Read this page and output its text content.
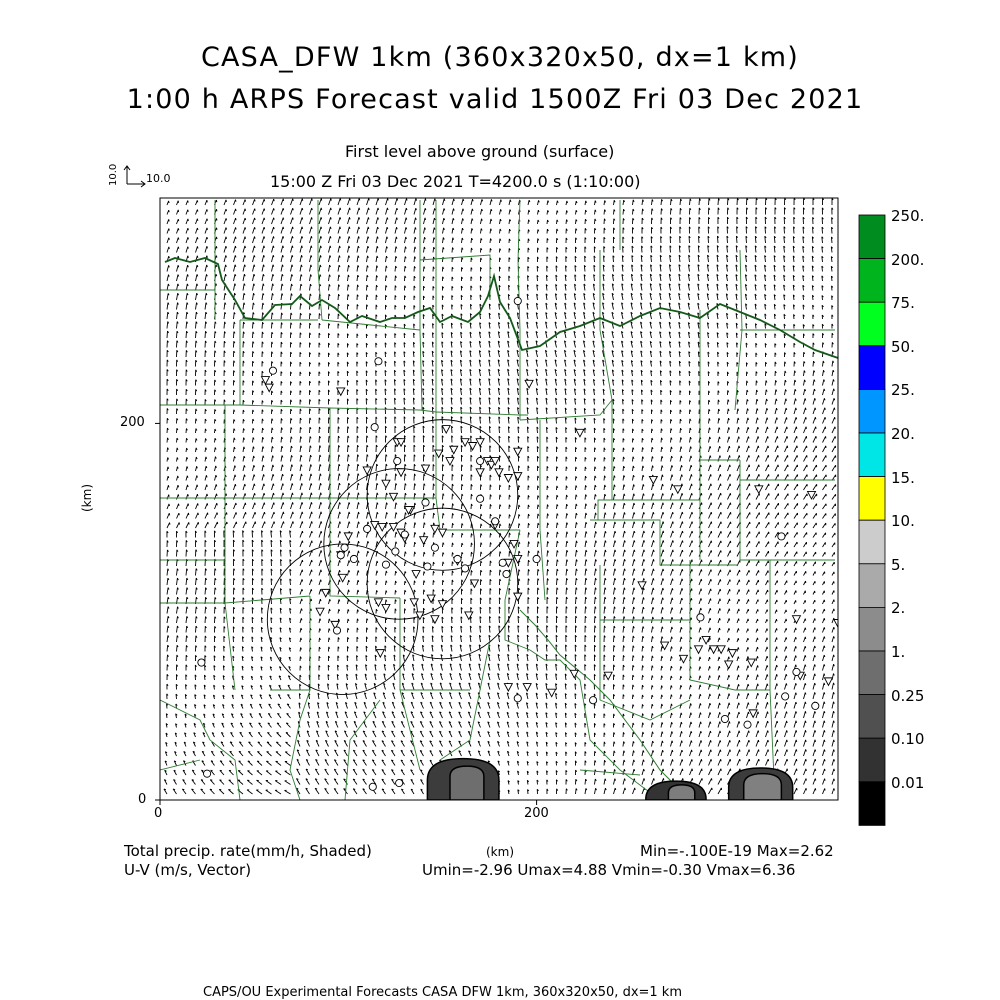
CASA_DFW 1km (360x320x50, dx=1 km)
1:00 h ARPS Forecast valid 1500Z Fri 03 Dec 2021
First level above ground (surface)
15:00 Z Fri 03 Dec 2021 T=4200.0 s (1:10:00)
10.0 10.0
0	200
0
200
(km)
250.
200.
75.
50.
25.
20.
15.
10.
5.
2.
1.
0.25
0.10
0.01
Total precip. rate(mm/h, Shaded)
U-V (m/s, Vector)
(km)	Min=-.100E-19 Max=2.62
Umin=-2.96 Umax=4.88 Vmin=-0.30 Vmax=6.36
CAPS/OU Experimental Forecasts CASA DFW 1km, 360x320x50, dx=1 km
